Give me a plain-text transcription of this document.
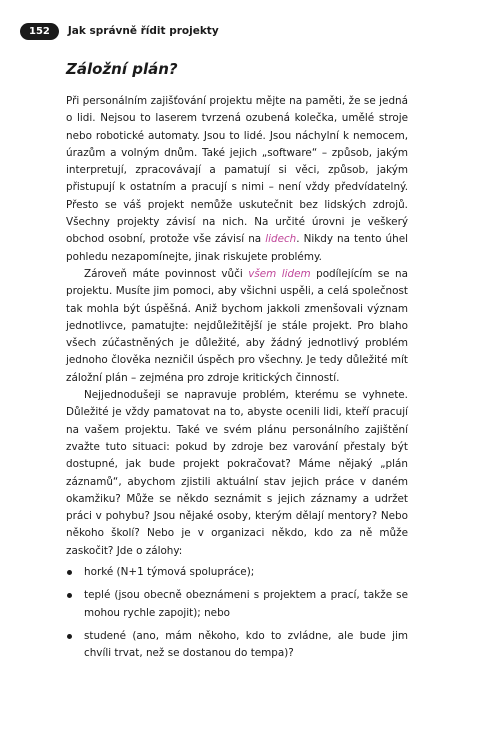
152	Jak správně řídit projekty
Záložní plán?

Při personálním zajišťování projektu mějte na paměti, že se jedná o lidi. Nejsou to laserem tvrzená ozubená kolečka, umělé stroje nebo robotické automaty. Jsou to lidé. Jsou náchylní k nemocem, úrazům a volným dnům. Také jejich „software“ – způsob, jakým interpretují, zpracovávají a pamatují si věci, způsob, jakým přistupují k ostatním a pracují s nimi – není vždy předvídatelný. Přesto se váš projekt nemůže uskutečnit bez lidských zdrojů. Všechny projekty závisí na nich. Na určité úrovni je veškerý obchod osobní, protože vše závisí na lidech. Nikdy na tento úhel pohledu nezapomínejte, jinak riskujete problémy.

Zároveň máte povinnost vůči všem lidem podílejícím se na projektu. Musíte jim pomoci, aby všichni uspěli, a celá společnost tak mohla být úspěšná. Aniž bychom jakkoli zmenšovali význam jednotlivce, pamatujte: nejdůležitější je stále projekt. Pro blaho všech zúčastněných je důležité, aby žádný jednotlivý problém jednoho člověka nezničil úspěch pro všechny. Je tedy důležité mít záložní plán – zejména pro zdroje kritických činností.

Nejjednodušeji se napravuje problém, kterému se vyhnete. Důležité je vždy pamatovat na to, abyste ocenili lidi, kteří pracují na vašem projektu. Také ve svém plánu personálního zajištění zvažte tuto situaci: pokud by zdroje bez varování přestaly být dostupné, jak bude projekt pokračovat? Máme nějaký „plán záznamů“, abychom zjistili aktuální stav jejich práce v daném okamžiku? Může se někdo seznámit s jejich záznamy a udržet práci v pohybu? Jsou nějaké osoby, kterým dělají mentory? Nebo někoho školí? Nebo je v organizaci někdo, kdo za ně může zaskočit? Jde o zálohy:

horké (N+1 týmová spolupráce);
teplé (jsou obecně obeznámeni s projektem a prací, takže se mohou rychle zapojit); nebo
studené (ano, mám někoho, kdo to zvládne, ale bude jim chvíli trvat, než se dostanou do tempa)?
